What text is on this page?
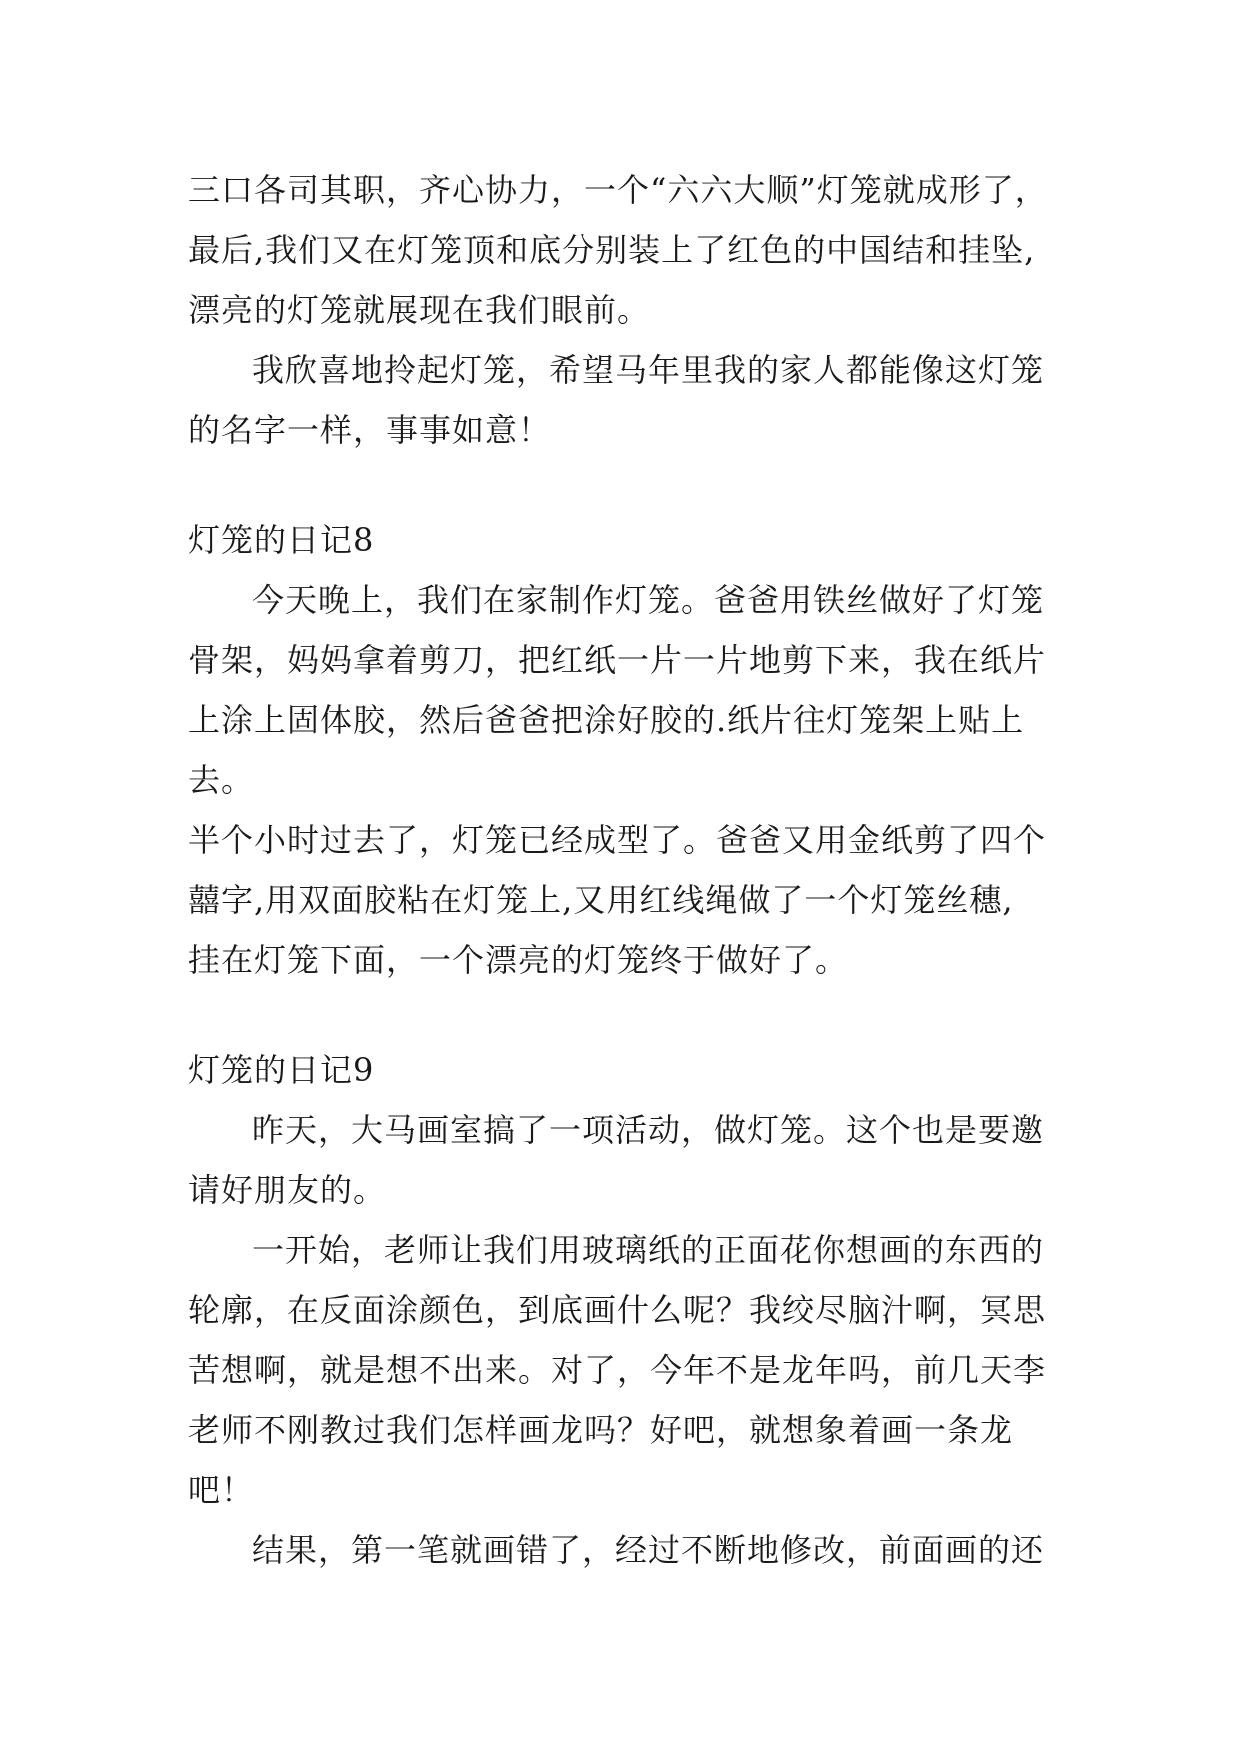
三口各司其职，齐心协力，一个“六六大顺”灯笼就成形了，
最后,我们又在灯笼顶和底分别装上了红色的中国结和挂坠,
漂亮的灯笼就展现在我们眼前。
我欣喜地拎起灯笼，希望马年里我的家人都能像这灯笼
的名字一样，事事如意！
灯笼的日记8
今天晚上，我们在家制作灯笼。爸爸用铁丝做好了灯笼
骨架，妈妈拿着剪刀，把红纸一片一片地剪下来，我在纸片
上涂上固体胶，然后爸爸把涂好胶的.纸片往灯笼架上贴上
去。
半个小时过去了，灯笼已经成型了。爸爸又用金纸剪了四个
囍字,用双面胶粘在灯笼上,又用红线绳做了一个灯笼丝穗,
挂在灯笼下面，一个漂亮的灯笼终于做好了。
灯笼的日记9
昨天，大马画室搞了一项活动，做灯笼。这个也是要邀
请好朋友的。
一开始，老师让我们用玻璃纸的正面花你想画的东西的
轮廓，在反面涂颜色，到底画什么呢？我绞尽脑汁啊，冥思
苦想啊，就是想不出来。对了，今年不是龙年吗，前几天李
老师不刚教过我们怎样画龙吗？好吧，就想象着画一条龙
吧！
结果，第一笔就画错了，经过不断地修改，前面画的还
